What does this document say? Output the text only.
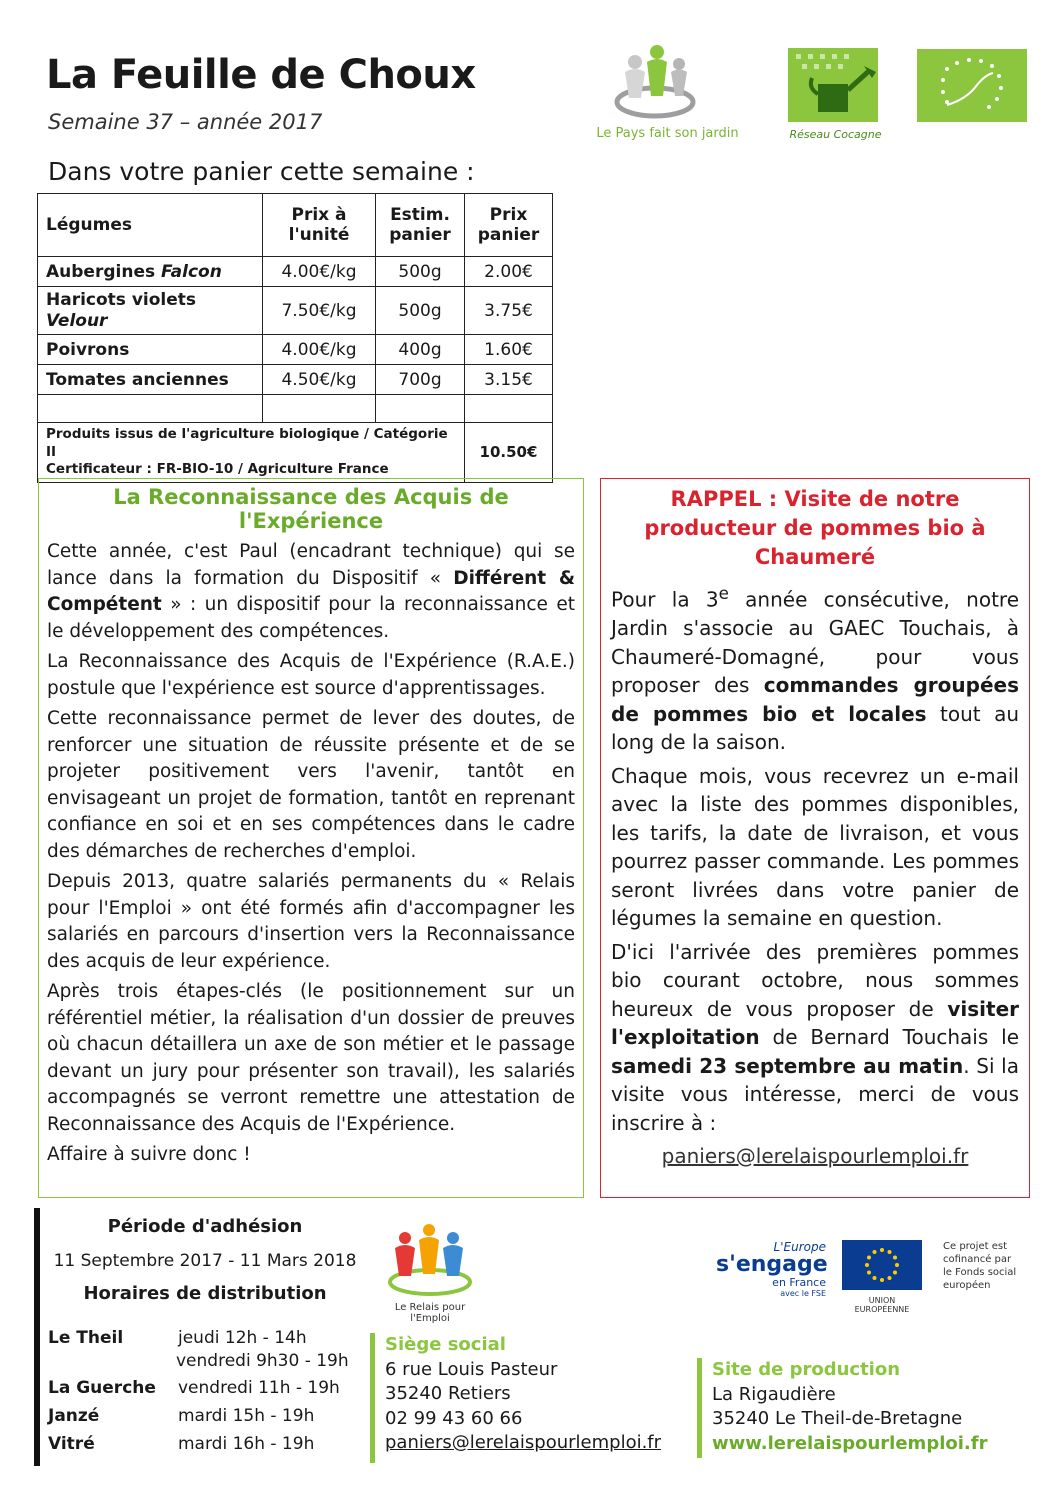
La Feuille de Choux
Semaine 37 – année 2017
Dans votre panier cette semaine :
Le Pays fait son jardin	Réseau Cocagne
Légumes	Prix à l'unité	Estim. panier	Prix panier
Aubergines Falcon	4.00€/kg	500g	2.00€
Haricots violets Velour	7.50€/kg	500g	3.75€
Poivrons	4.00€/kg	400g	1.60€
Tomates anciennes	4.50€/kg	700g	3.15€

Produits issus de l'agriculture biologique / Catégorie II
Certificateur : FR-BIO-10 / Agriculture France			10.50€
La Reconnaissance des Acquis de l'Expérience

Cette année, c'est Paul (encadrant technique) qui se lance dans la formation du Dispositif « Différent & Compétent » : un dispositif pour la reconnaissance et le développement des compétences.

La Reconnaissance des Acquis de l'Expérience (R.A.E.) postule que l'expérience est source d'apprentissages.

Cette reconnaissance permet de lever des doutes, de renforcer une situation de réussite présente et de se projeter positivement vers l'avenir, tantôt en envisageant un projet de formation, tantôt en reprenant confiance en soi et en ses compétences dans le cadre des démarches de recherches d'emploi.

Depuis 2013, quatre salariés permanents du « Relais pour l'Emploi » ont été formés afin d'accompagner les salariés en parcours d'insertion vers la Reconnaissance des acquis de leur expérience.

Après trois étapes-clés (le positionnement sur un référentiel métier, la réalisation d'un dossier de preuves où chacun détaillera un axe de son métier et le passage devant un jury pour présenter son travail), les salariés accompagnés se verront remettre une attestation de Reconnaissance des Acquis de l'Expérience.

Affaire à suivre donc !

RAPPEL : Visite de notre producteur de pommes bio à Chaumeré

Pour la 3e année consécutive, notre Jardin s'associe au GAEC Touchais, à Chaumeré-Domagné, pour vous proposer des commandes groupées de pommes bio et locales tout au long de la saison.

Chaque mois, vous recevrez un e-mail avec la liste des pommes disponibles, les tarifs, la date de livraison, et vous pourrez passer commande. Les pommes seront livrées dans votre panier de légumes la semaine en question.

D'ici l'arrivée des premières pommes bio courant octobre, nous sommes heureux de vous proposer de visiter l'exploitation de Bernard Touchais le samedi 23 septembre au matin. Si la visite vous intéresse, merci de vous inscrire à :

paniers@lerelaispourlemploi.fr

Période d'adhésion
11 Septembre 2017 - 11 Mars 2018
Horaires de distribution
Le Theil	jeudi 12h - 14h
vendredi 9h30 - 19h
La Guerche vendredi 11h - 19h
Janzé	mardi 15h - 19h
Vitré	mardi 16h - 19h
Le Relais pour l'Emploi
Siège social
6 rue Louis Pasteur
35240 Retiers
02 99 43 60 66
paniers@lerelaispourlemploi.fr
Site de production
La Rigaudière
35240 Le Theil-de-Bretagne
www.lerelaispourlemploi.fr
L'Europe
s'engage
en France
avec le FSE
UNION EUROPÉENNE
Ce projet est cofinancé par le Fonds social européen
